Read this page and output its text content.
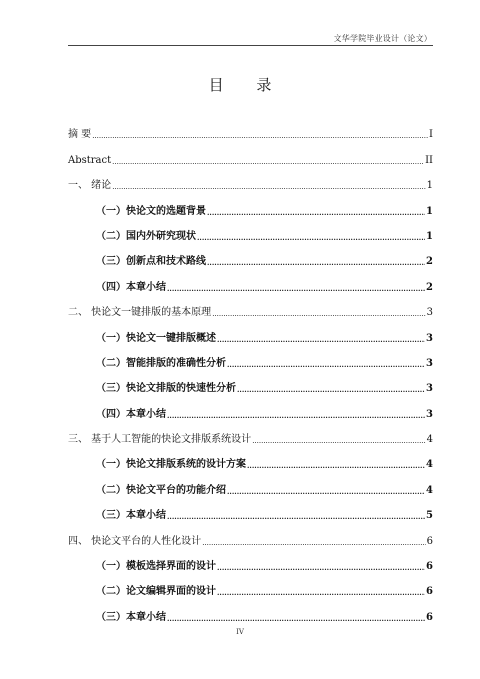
文华学院毕业设计（论文）
目 录
摘 要 .....	I
Abstract .....	II
一、 绪论 .....	1
（一）快论文的选题背景 .....	1
（二）国内外研究现状 .....	1
（三）创新点和技术路线 .....	2
（四）本章小结 .....	2
二、 快论文一键排版的基本原理 .....	3
（一）快论文一键排版概述 .....	3
（二）智能排版的准确性分析 .....	3
（三）快论文排版的快速性分析 .....	3
（四）本章小结 .....	3
三、 基于人工智能的快论文排版系统设计 .....	4
（一）快论文排版系统的设计方案 .....	4
（二）快论文平台的功能介绍 .....	4
（三）本章小结 .....	5
四、 快论文平台的人性化设计 .....	6
（一）模板选择界面的设计 .....	6
（二）论文编辑界面的设计 .....	6
（三）本章小结 .....	6
IV
